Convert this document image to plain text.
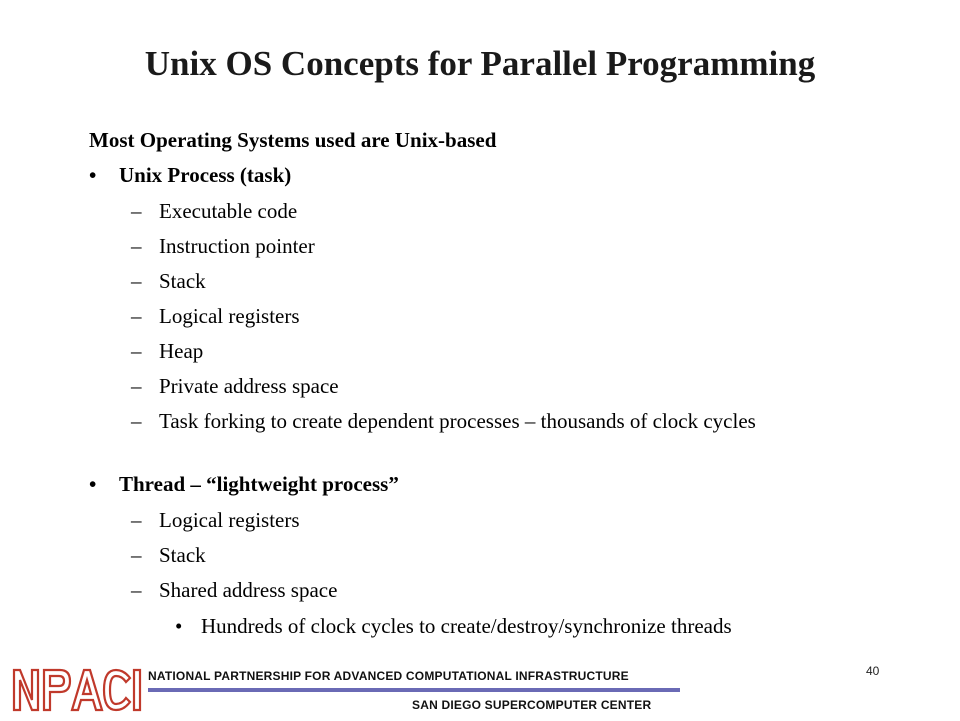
Unix OS Concepts for Parallel Programming
Most Operating Systems used are Unix-based
• Unix Process (task)
– Executable code
– Instruction pointer
– Stack
– Logical registers
– Heap
– Private address space
– Task forking to create dependent processes – thousands of clock cycles
• Thread – “lightweight process”
– Logical registers
– Stack
– Shared address space
• Hundreds of clock cycles to create/destroy/synchronize threads
NATIONAL PARTNERSHIP FOR ADVANCED COMPUTATIONAL INFRASTRUCTURE
SAN DIEGO SUPERCOMPUTER CENTER
40
